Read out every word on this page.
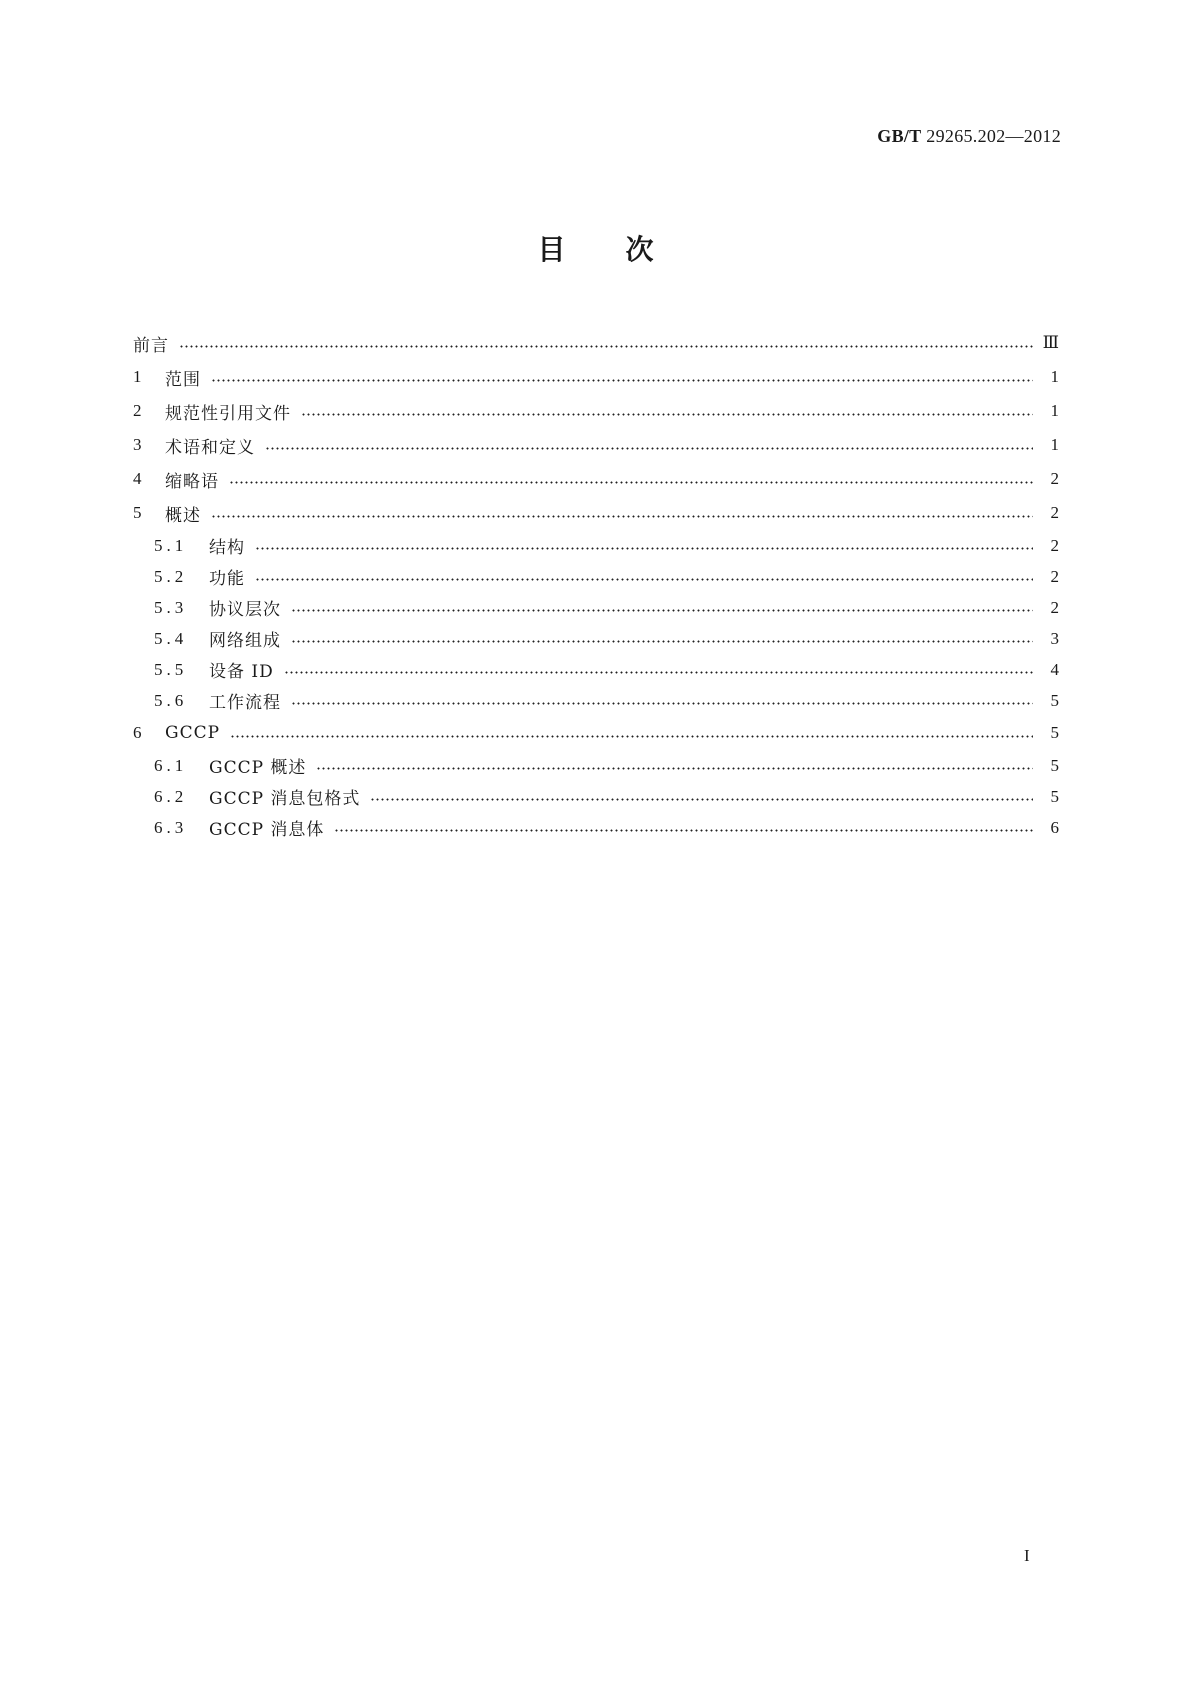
GB/T 29265.202—2012
目次
前言	Ⅲ
1	范围	1
2	规范性引用文件	1
3	术语和定义	1
4	缩略语	2
5	概述	2
5.1	结构	2
5.2	功能	2
5.3	协议层次	2
5.4	网络组成	3
5.5	设备 ID	4
5.6	工作流程	5
6	GCCP	5
6.1	GCCP 概述	5
6.2	GCCP 消息包格式	5
6.3	GCCP 消息体	6
I
